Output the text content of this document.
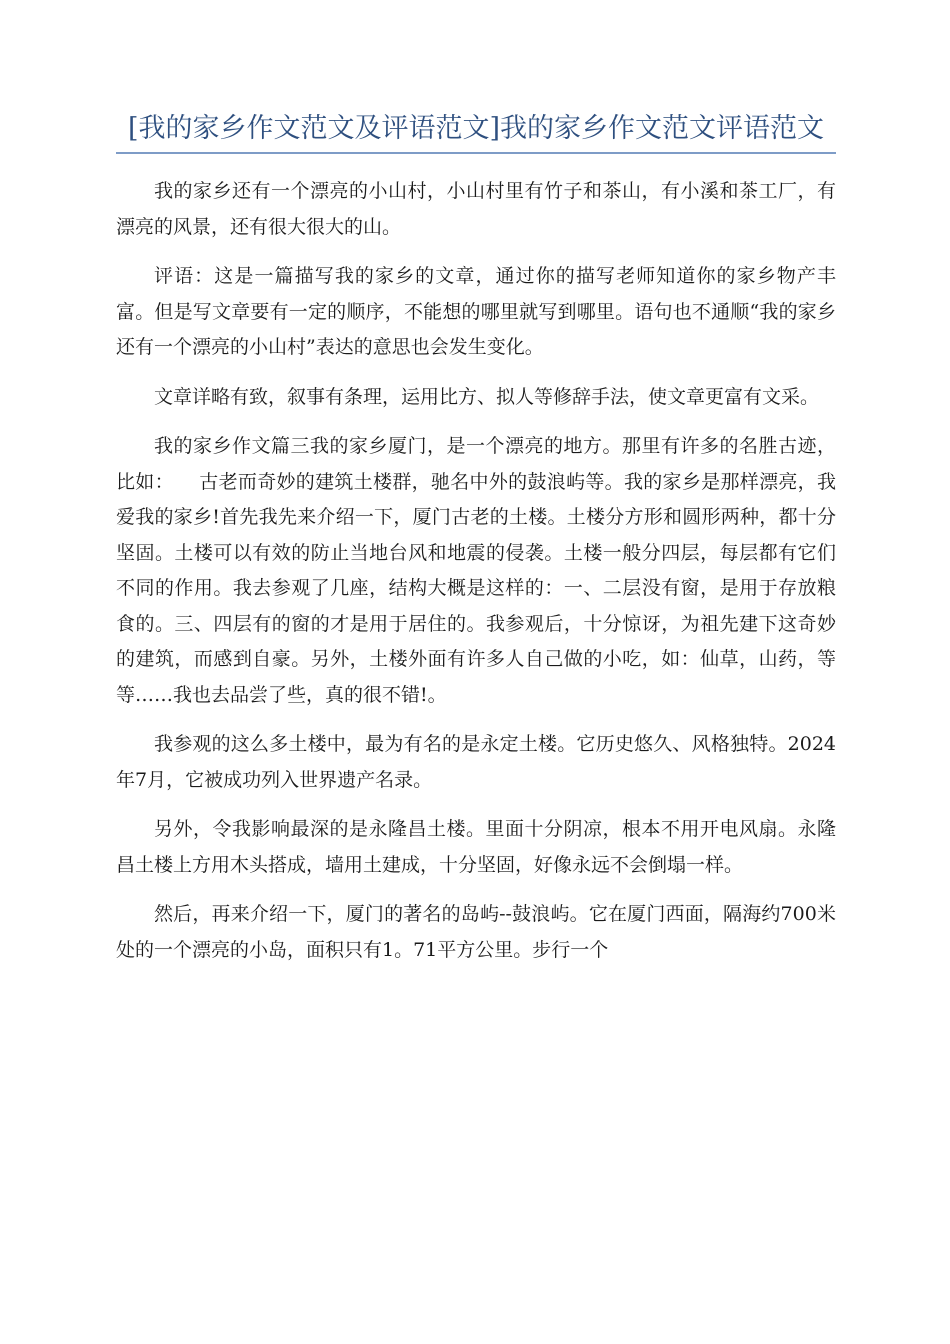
[我的家乡作文范文及评语范文]我的家乡作文范文评语范文

我的家乡还有一个漂亮的小山村，小山村里有竹子和茶山，有小溪和茶工厂，有漂亮的风景，还有很大很大的山。

评语：这是一篇描写我的家乡的文章，通过你的描写老师知道你的家乡物产丰富。但是写文章要有一定的顺序，不能想的哪里就写到哪里。语句也不通顺“我的家乡还有一个漂亮的小山村”表达的意思也会发生变化。

文章详略有致，叙事有条理，运用比方、拟人等修辞手法，使文章更富有文采。

我的家乡作文篇三我的家乡厦门，是一个漂亮的地方。那里有许多的名胜古迹，比如：    古老而奇妙的建筑土楼群，驰名中外的鼓浪屿等。我的家乡是那样漂亮，我爱我的家乡!首先我先来介绍一下，厦门古老的土楼。土楼分方形和圆形两种，都十分坚固。土楼可以有效的防止当地台风和地震的侵袭。土楼一般分四层，每层都有它们不同的作用。我去参观了几座，结构大概是这样的：一、二层没有窗，是用于存放粮食的。三、四层有的窗的才是用于居住的。我参观后，十分惊讶，为祖先建下这奇妙的建筑，而感到自豪。另外，土楼外面有许多人自己做的小吃，如：仙草，山药，等等……我也去品尝了些，真的很不错!。

我参观的这么多土楼中，最为有名的是永定土楼。它历史悠久、风格独特。2024年7月，它被成功列入世界遗产名录。

另外，令我影响最深的是永隆昌土楼。里面十分阴凉，根本不用开电风扇。永隆昌土楼上方用木头搭成，墙用土建成，十分坚固，好像永远不会倒塌一样。

然后，再来介绍一下，厦门的著名的岛屿--鼓浪屿。它在厦门西面，隔海约700米处的一个漂亮的小岛，面积只有1。71平方公里。步行一个
